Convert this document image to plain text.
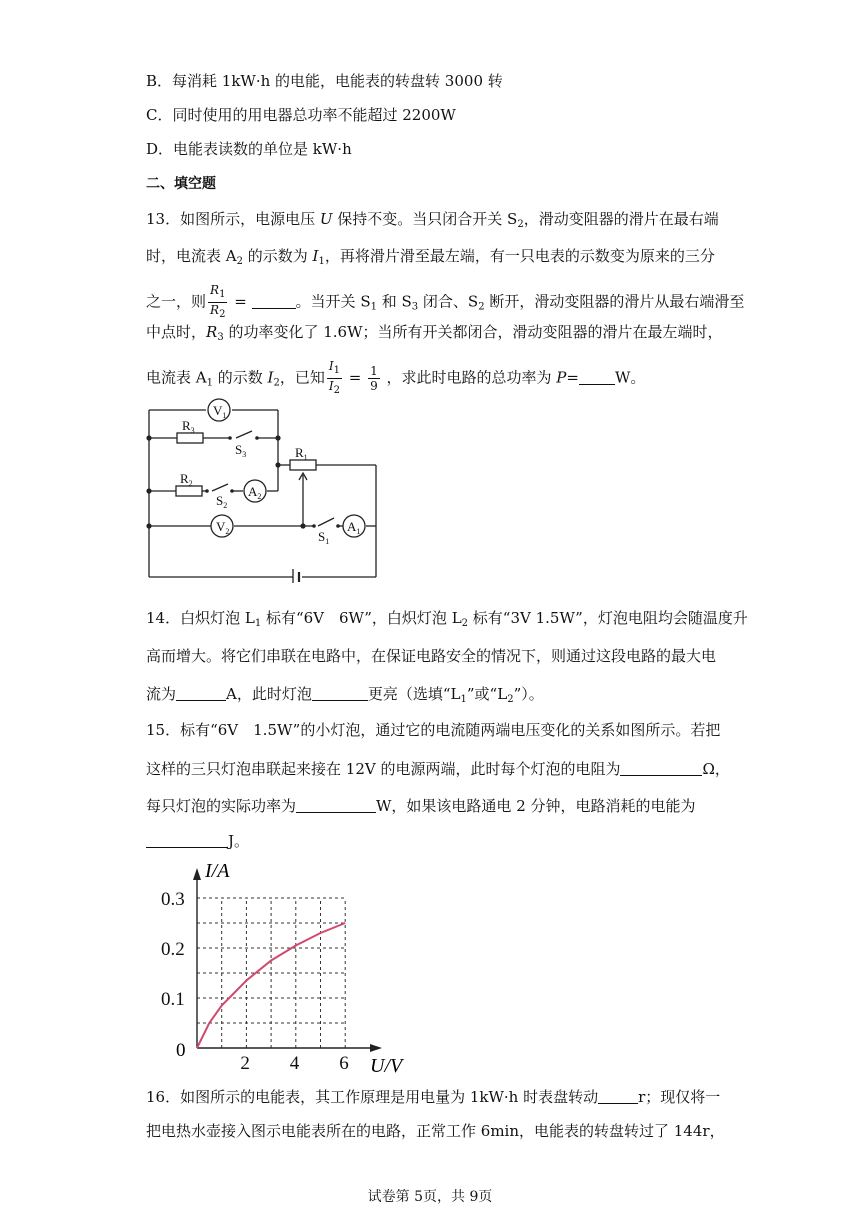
B．每消耗 1kW·h 的电能，电能表的转盘转 3000 转
C．同时使用的用电器总功率不能超过 2200W
D．电能表读数的单位是 kW·h
二、填空题
13．如图所示，电源电压 U 保持不变。当只闭合开关 $S_2$，滑动变阻器的滑片在最右端
时，电流表 $A_2$ 的示数为 $I_1$，再将滑片滑至最左端，有一只电表的示数变为原来的三分
之一，则 $\frac{R_1}{R_2}$ =	。当开关 $S_1$ 和 $S_3$ 闭合、$S_2$ 断开，滑动变阻器的滑片从最右端滑至
中点时，$R_3$ 的功率变化了 1.6W；当所有开关都闭合，滑动变阻器的滑片在最左端时，
电流表 $A_1$ 的示数 $I_2$，已知 $\frac{I_1}{I_2} = \frac{1}{9}$ ，求此时电路的总功率为 P= W。
$V_1$
$V_2$
$A_2$
$A_1$
$R_3$
$R_2$
$R_1$
$S_3$
$S_2$
$S_1$
14．白炽灯泡 $L_1$ 标有“6V　6W”，白炽灯泡 $L_2$ 标有“3V 1.5W”，灯泡电阻均会随温度升
高而增大。将它们串联在电路中，在保证电路安全的情况下，则通过这段电路的最大电
流为	A，此时灯泡	更亮（选填“$L_1$”或“$L_2$”）。
15．标有“6V　1.5W”的小灯泡，通过它的电流随两端电压变化的关系如图所示。若把
这样的三只灯泡串联起来接在 12V 的电源两端，此时每个灯泡的电阻为	Ω，
每只灯泡的实际功率为	W，如果该电路通电 2 分钟，电路消耗的电能为
J。
2 4 6
0.1
0.2
0.3
I/A
U/V
0
16．如图所示的电能表，其工作原理是用电量为 1kW·h 时表盘转动	r；现仅将一
把电热水壶接入图示电能表所在的电路，正常工作 6min，电能表的转盘转过了 144r，
试卷第 5页，共 9页
